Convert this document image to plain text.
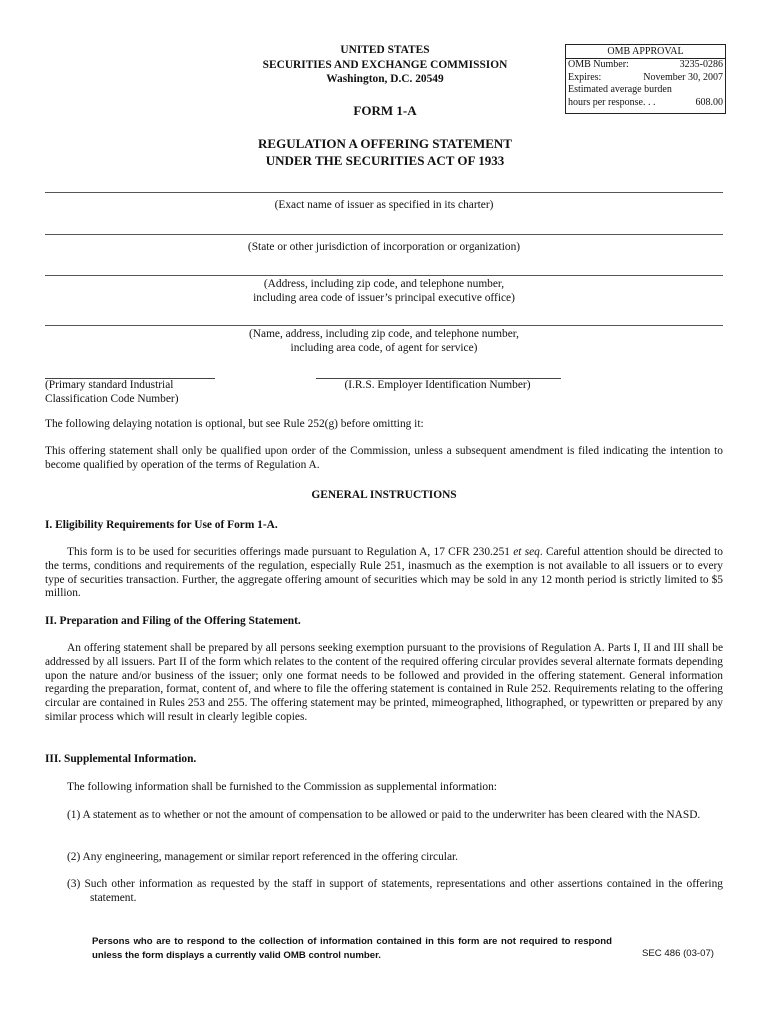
UNITED STATES
SECURITIES AND EXCHANGE COMMISSION
Washington, D.C. 20549
OMB APPROVAL
OMB Number:	3235-0286
Expires:	November 30, 2007
Estimated average burden
hours per response. . .	608.00
FORM 1-A
REGULATION A OFFERING STATEMENT
UNDER THE SECURITIES ACT OF 1933
(Exact name of issuer as specified in its charter)
(State or other jurisdiction of incorporation or organization)
(Address, including zip code, and telephone number,
including area code of issuer’s principal executive office)
(Name, address, including zip code, and telephone number,
including area code, of agent for service)
(Primary standard Industrial
Classification Code Number)
(I.R.S. Employer Identification Number)
The following delaying notation is optional, but see Rule 252(g) before omitting it:
This offering statement shall only be qualified upon order of the Commission, unless a subsequent amendment is filed indicating the intention to become qualified by operation of the terms of Regulation A.
GENERAL INSTRUCTIONS
I. Eligibility Requirements for Use of Form 1-A.
This form is to be used for securities offerings made pursuant to Regulation A, 17 CFR 230.251 et seq. Careful attention should be directed to the terms, conditions and requirements of the regulation, especially Rule 251, inasmuch as the exemption is not available to all issuers or to every type of securities transaction. Further, the aggregate offering amount of securities which may be sold in any 12 month period is strictly limited to $5 million.
II. Preparation and Filing of the Offering Statement.
An offering statement shall be prepared by all persons seeking exemption pursuant to the provisions of Regulation A. Parts I, II and III shall be addressed by all issuers. Part II of the form which relates to the content of the required offering circular provides several alternate formats depending upon the nature and/or business of the issuer; only one format needs to be followed and provided in the offering statement. General information regarding the preparation, format, content of, and where to file the offering statement is contained in Rule 252. Requirements relating to the offering circular are contained in Rules 253 and 255. The offering statement may be printed, mimeographed, lithographed, or typewritten or prepared by any similar process which will result in clearly legible copies.
III. Supplemental Information.
The following information shall be furnished to the Commission as supplemental information:
(1) A statement as to whether or not the amount of compensation to be allowed or paid to the underwriter has been cleared with the NASD.
(2) Any engineering, management or similar report referenced in the offering circular.
(3) Such other information as requested by the staff in support of statements, representations and other assertions contained in the offering statement.
Persons who are to respond to the collection of information contained in this form are not required to respond unless the form displays a currently valid OMB control number.	SEC 486 (03-07)
